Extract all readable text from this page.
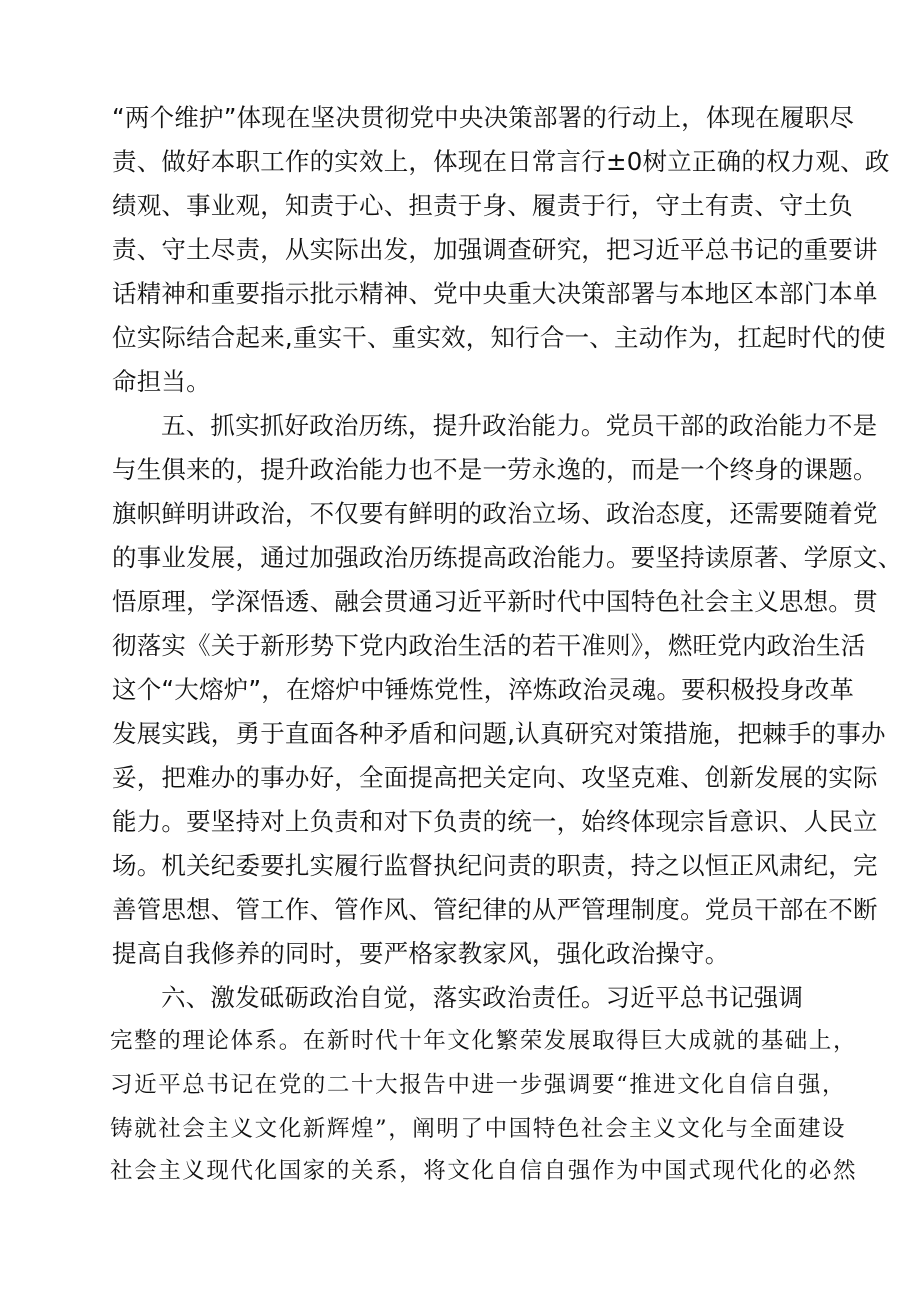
“两个维护”体现在坚决贯彻党中央决策部署的行动上，体现在履职尽
责、做好本职工作的实效上，体现在日常言行±0树立正确的权力观、政
绩观、事业观，知责于心、担责于身、履责于行，守土有责、守土负
责、守土尽责，从实际出发，加强调查研究，把习近平总书记的重要讲
话精神和重要指示批示精神、党中央重大决策部署与本地区本部门本单
位实际结合起来,重实干、重实效，知行合一、主动作为，扛起时代的使
命担当。
五、抓实抓好政治历练，提升政治能力。党员干部的政治能力不是
与生俱来的，提升政治能力也不是一劳永逸的，而是一个终身的课题。
旗帜鲜明讲政治，不仅要有鲜明的政治立场、政治态度，还需要随着党
的事业发展，通过加强政治历练提高政治能力。要坚持读原著、学原文、
悟原理，学深悟透、融会贯通习近平新时代中国特色社会主义思想。贯
彻落实《关于新形势下党内政治生活的若干准则》，燃旺党内政治生活
这个“大熔炉”，在熔炉中锤炼党性，淬炼政治灵魂。要积极投身改革
发展实践，勇于直面各种矛盾和问题,认真研究对策措施，把棘手的事办
妥，把难办的事办好，全面提高把关定向、攻坚克难、创新发展的实际
能力。要坚持对上负责和对下负责的统一，始终体现宗旨意识、人民立
场。机关纪委要扎实履行监督执纪问责的职责，持之以恒正风肃纪，完
善管思想、管工作、管作风、管纪律的从严管理制度。党员干部在不断
提高自我修养的同时，要严格家教家风，强化政治操守。
六、激发砥砺政治自觉，落实政治责任。习近平总书记强调
完整的理论体系。在新时代十年文化繁荣发展取得巨大成就的基础上，
习近平总书记在党的二十大报告中进一步强调要“推进文化自信自强，
铸就社会主义文化新辉煌”，阐明了中国特色社会主义文化与全面建设
社会主义现代化国家的关系，将文化自信自强作为中国式现代化的必然
